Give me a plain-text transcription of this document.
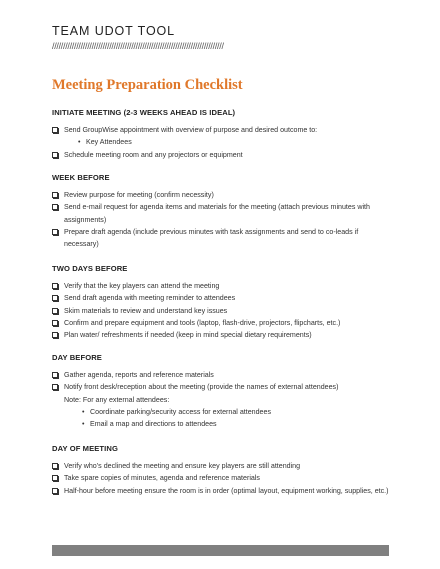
TEAM UDOT TOOL
//////////////////////////////////////////////////////////////////////////////
Meeting Preparation Checklist
INITIATE MEETING (2-3 WEEKS AHEAD IS IDEAL)
Send GroupWise appointment with overview of purpose and desired outcome to:
• Key Attendees
Schedule meeting room and any projectors or equipment
WEEK BEFORE
Review purpose for meeting (confirm necessity)
Send e-mail request for agenda items and materials for the meeting (attach previous minutes with assignments)
Prepare draft agenda (include previous minutes with task assignments and send to co-leads if necessary)
TWO DAYS BEFORE
Verify that the key players can attend the meeting
Send draft agenda with meeting reminder to attendees
Skim materials to review and understand key issues
Confirm and prepare equipment and tools (laptop, flash-drive, projectors, flipcharts, etc.)
Plan water/ refreshments if needed (keep in mind special dietary requirements)
DAY BEFORE
Gather agenda, reports and reference materials
Notify front desk/reception about the meeting (provide the names of external attendees)
Note: For any external attendees:
• Coordinate parking/security access for external attendees
• Email a map and directions to attendees
DAY OF MEETING
Verify who’s declined the meeting and ensure key players are still attending
Take spare copies of minutes, agenda and reference materials
Half-hour before meeting ensure the room is in order (optimal layout, equipment working, supplies, etc.)
